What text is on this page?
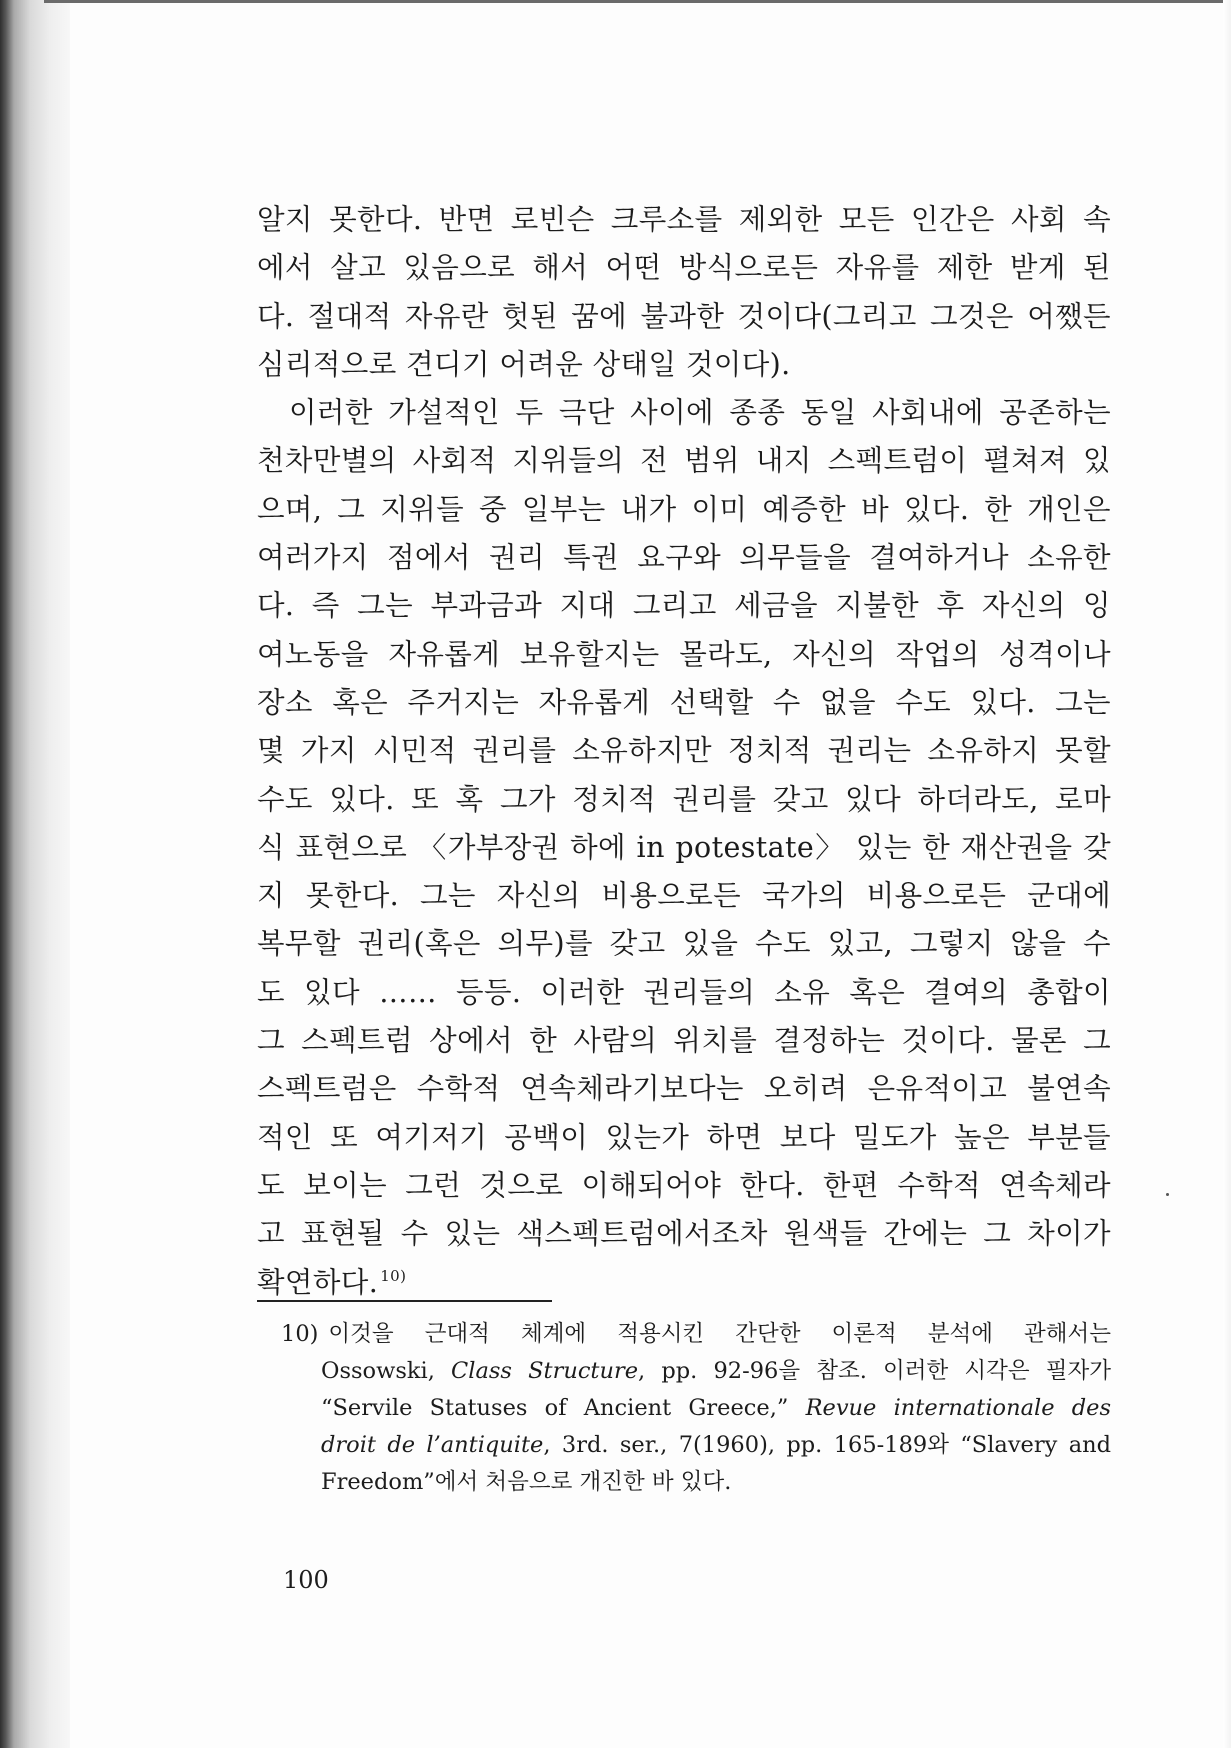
알지 못한다. 반면 로빈슨 크루소를 제외한 모든 인간은 사회 속
에서 살고 있음으로 해서 어떤 방식으로든 자유를 제한 받게 된
다. 절대적 자유란 헛된 꿈에 불과한 것이다(그리고 그것은 어쨌든
심리적으로 견디기 어려운 상태일 것이다).
이러한 가설적인 두 극단 사이에 종종 동일 사회내에 공존하는
천차만별의 사회적 지위들의 전 범위 내지 스펙트럼이 펼쳐져 있
으며, 그 지위들 중 일부는 내가 이미 예증한 바 있다. 한 개인은
여러가지 점에서 권리 특권 요구와 의무들을 결여하거나 소유한
다. 즉 그는 부과금과 지대 그리고 세금을 지불한 후 자신의 잉
여노동을 자유롭게 보유할지는 몰라도, 자신의 작업의 성격이나
장소 혹은 주거지는 자유롭게 선택할 수 없을 수도 있다. 그는
몇 가지 시민적 권리를 소유하지만 정치적 권리는 소유하지 못할
수도 있다. 또 혹 그가 정치적 권리를 갖고 있다 하더라도, 로마
식 표현으로 〈가부장권 하에 in potestate〉 있는 한 재산권을 갖
지 못한다. 그는 자신의 비용으로든 국가의 비용으로든 군대에
복무할 권리(혹은 의무)를 갖고 있을 수도 있고, 그렇지 않을 수
도 있다 …… 등등. 이러한 권리들의 소유 혹은 결여의 총합이
그 스펙트럼 상에서 한 사람의 위치를 결정하는 것이다. 물론 그
스펙트럼은 수학적 연속체라기보다는 오히려 은유적이고 불연속
적인 또 여기저기 공백이 있는가 하면 보다 밀도가 높은 부분들
도 보이는 그런 것으로 이해되어야 한다. 한편 수학적 연속체라
고 표현될 수 있는 색스펙트럼에서조차 원색들 간에는 그 차이가
확연하다. $^{10)}$
10) 이것을 근대적 체계에 적용시킨 간단한 이론적 분석에 관해서는
Ossowski, Class Structure, pp. 92-96을 참조. 이러한 시각은 필자가
“Servile Statuses of Ancient Greece,” Revue internationale des
droit de l’antiquite, 3rd. ser., 7(1960), pp. 165-189와 “Slavery and
Freedom”에서 처음으로 개진한 바 있다.
100
